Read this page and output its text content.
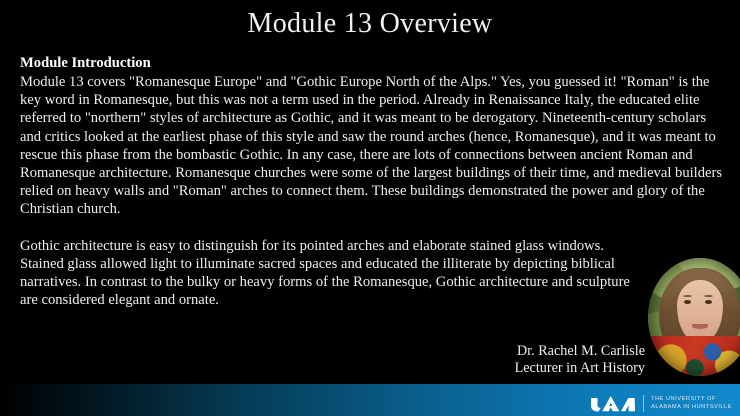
Module 13 Overview
Module Introduction

Module 13 covers "Romanesque Europe" and "Gothic Europe North of the Alps." Yes, you guessed it! "Roman" is the key word in Romanesque, but this was not a term used in the period. Already in Renaissance Italy, the educated elite referred to "northern" styles of architecture as Gothic, and it was meant to be derogatory. Nineteenth-century scholars and critics looked at the earliest phase of this style and saw the round arches (hence, Romanesque), and it was meant to rescue this phase from the bombastic Gothic. In any case, there are lots of connections between ancient Roman and Romanesque architecture. Romanesque churches were some of the largest buildings of their time, and medieval builders relied on heavy walls and "Roman" arches to connect them. These buildings demonstrated the power and glory of the Christian church.

Gothic architecture is easy to distinguish for its pointed arches and elaborate stained glass windows. Stained glass allowed light to illuminate sacred spaces and educated the illiterate by depicting biblical narratives. In contrast to the bulky or heavy forms of the Romanesque, Gothic architecture and sculpture are considered elegant and ornate.

Dr. Rachel M. Carlisle
Lecturer in Art History
THE UNIVERSITY OF
ALABAMA IN HUNTSVILLE
